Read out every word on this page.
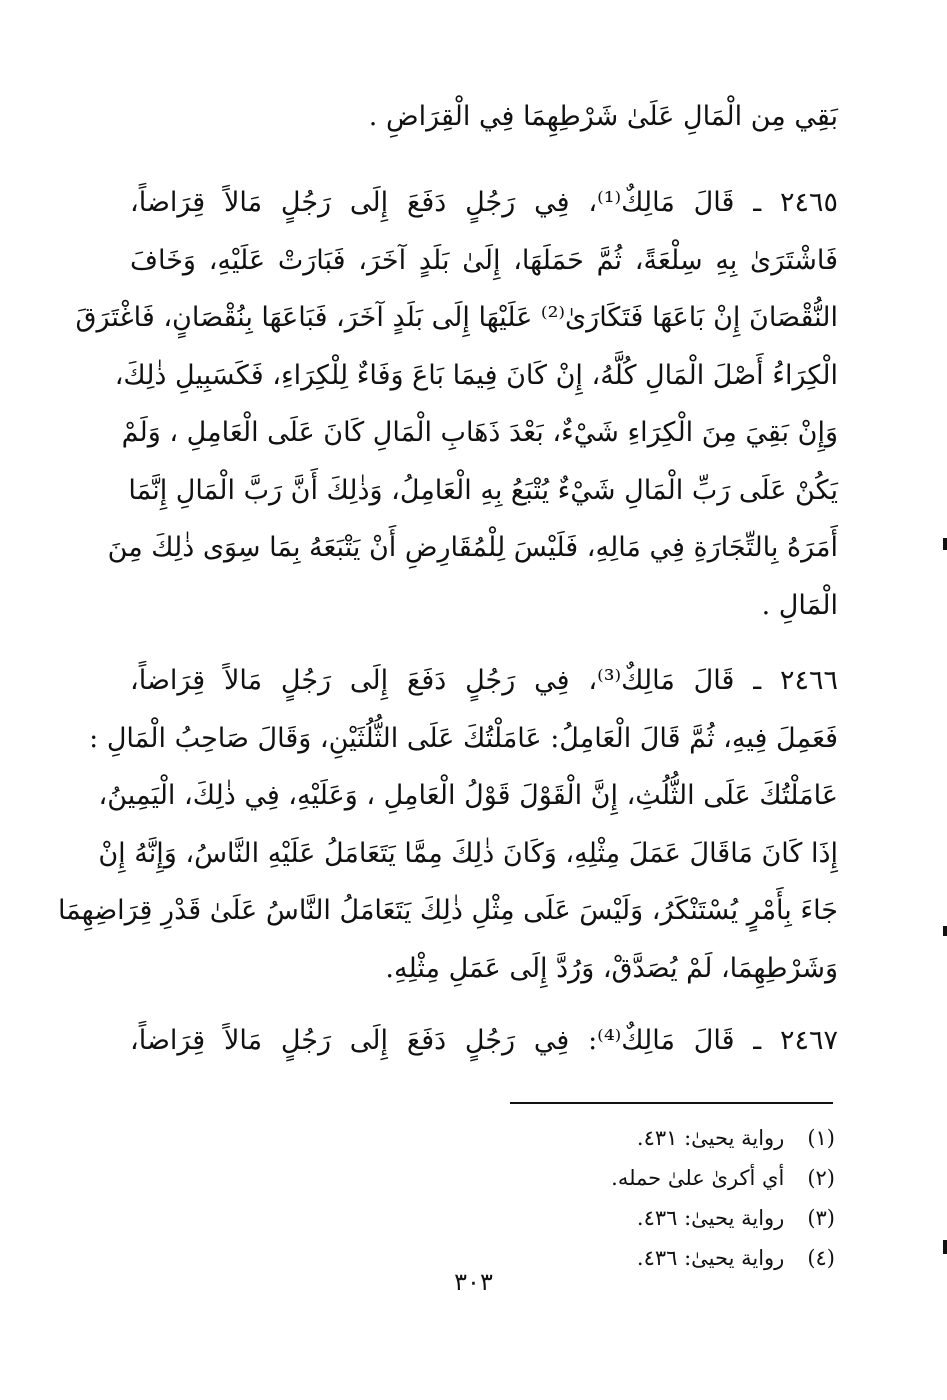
بَقِي مِن الْمَالِ عَلَىٰ شَرْطِهِمَا فِي الْقِرَاضِ .
٢٤٦٥ ـ قَالَ مَالِكٌ⁽¹⁾، فِي رَجُلٍ دَفَعَ إِلَى رَجُلٍ مَالاً قِرَاضاً،
فَاشْتَرَىٰ بِهِ سِلْعَةً، ثُمَّ حَمَلَهَا، إِلَىٰ بَلَدٍ آخَرَ، فَبَارَتْ عَلَيْهِ، وَخَافَ
النُّقْصَانَ إِنْ بَاعَهَا فَتَكَارَىٰ⁽²⁾ عَلَيْهَا إِلَى بَلَدٍ آخَرَ، فَبَاعَهَا بِنُقْصَانٍ، فَاغْتَرَقَ
الْكِرَاءُ أَصْلَ الْمَالِ كُلَّهُ، إِنْ كَانَ فِيمَا بَاعَ وَفَاءٌ لِلْكِرَاءِ، فَكَسَبِيلِ ذٰلِكَ،
وَإِنْ بَقِيَ مِنَ الْكِرَاءِ شَيْءٌ، بَعْدَ ذَهَابِ الْمَالِ كَانَ عَلَى الْعَامِلِ ، وَلَمْ
يَكُنْ عَلَى رَبِّ الْمَالِ شَيْءٌ يُتْبَعُ بِهِ الْعَامِلُ، وَذٰلِكَ أَنَّ رَبَّ الْمَالِ إِنَّمَا
أَمَرَهُ بِالتِّجَارَةِ فِي مَالِهِ، فَلَيْسَ لِلْمُقَارِضِ أَنْ يَتْبَعَهُ بِمَا سِوَى ذٰلِكَ مِنَ
الْمَالِ .
٢٤٦٦ ـ قَالَ مَالِكٌ⁽³⁾، فِي رَجُلٍ دَفَعَ إِلَى رَجُلٍ مَالاً قِرَاضاً،
فَعَمِلَ فِيهِ، ثُمَّ قَالَ الْعَامِلُ: عَامَلْتُكَ عَلَى الثُّلُثَيْنِ، وَقَالَ صَاحِبُ الْمَالِ :
عَامَلْتُكَ عَلَى الثُّلُثِ، إِنَّ الْقَوْلَ قَوْلُ الْعَامِلِ ، وَعَلَيْهِ، فِي ذٰلِكَ، الْيَمِينُ،
إِذَا كَانَ مَاقَالَ عَمَلَ مِثْلِهِ، وَكَانَ ذٰلِكَ مِمَّا يَتَعَامَلُ عَلَيْهِ النَّاسُ، وَإِنَّهُ إِنْ
جَاءَ بِأَمْرٍ يُسْتَنْكَرُ، وَلَيْسَ عَلَى مِثْلِ ذٰلِكَ يَتَعَامَلُ النَّاسُ عَلَىٰ قَدْرِ قِرَاضِهِمَا
وَشَرْطِهِمَا، لَمْ يُصَدَّقْ، وَرُدَّ إِلَى عَمَلِ مِثْلِهِ.
٢٤٦٧ ـ قَالَ مَالِكٌ⁽⁴⁾: فِي رَجُلٍ دَفَعَ إِلَى رَجُلٍ مَالاً قِرَاضاً،
(١) رواية يحيىٰ: ٤٣١.
(٢) أي أكرىٰ علىٰ حمله.
(٣) رواية يحيىٰ: ٤٣٦.
(٤) رواية يحيىٰ: ٤٣٦.
٣٠٣
